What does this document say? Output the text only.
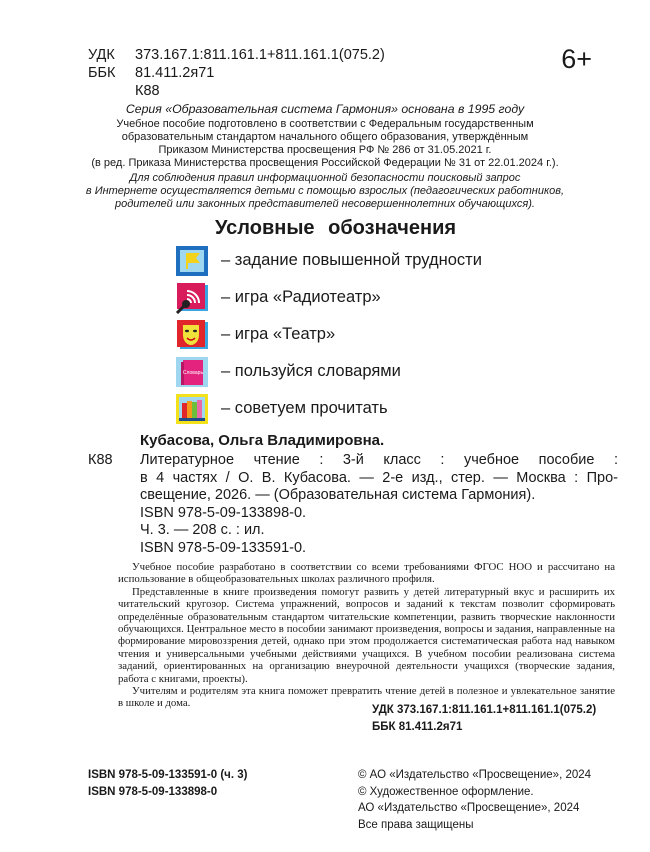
УДК	373.167.1:811.161.1+811.161.1(075.2)
ББК	81.411.2я71
К88
6+
Серия «Образовательная система Гармония» основана в 1995 году
Учебное пособие подготовлено в соответствии с Федеральным государственным
образовательным стандартом начального общего образования, утверждённым
Приказом Министерства просвещения РФ № 286 от 31.05.2021 г.
(в ред. Приказа Министерства просвещения Российской Федерации № 31 от 22.01.2024 г.).
Для соблюдения правил информационной безопасности поисковый запрос
в Интернете осуществляется детьми с помощью взрослых (педагогических работников,
родителей или законных представителей несовершеннолетних обучающихся).
Условные обозначения
– задание повышенной трудности
– игра «Радиотеатр»
– игра «Театр»
Словарь – пользуйся словарями
– советуем прочитать
Кубасова, Ольга Владимировна.
К88	Литературное чтение : 3-й класс : учебное пособие :
в 4 частях / О. В. Кубасова. — 2-е изд., стер. — Москва : Про-
свещение, 2026. — (Образовательная система Гармония).
ISBN 978-5-09-133898-0.
Ч. 3. — 208 с. : ил.
ISBN 978-5-09-133591-0.

Учебное пособие разработано в соответствии со всеми требованиями ФГОС НОО и рассчитано на использование в общеобразовательных школах различного профиля.

Представленные в книге произведения помогут развить у детей литературный вкус и расширить их читательский кругозор. Система упражнений, вопросов и заданий к текстам позволит сформировать определённые образовательным стандартом читательские компетенции, развить творческие наклонности обучающихся. Центральное место в пособии занимают произведения, вопросы и задания, направленные на формирование мировоззрения детей, однако при этом продолжается систематическая работа над навыком чтения и универсальными учебными действиями учащихся. В учебном пособии реализована система заданий, ориентированных на организацию внеурочной деятельности учащихся (творческие задания, работа с книгами, проекты).

Учителям и родителям эта книга поможет превратить чтение детей в полезное и увлекательное занятие в школе и дома.

УДК 373.167.1:811.161.1+811.161.1(075.2)
ББК 81.411.2я71
ISBN 978-5-09-133591-0 (ч. 3)
ISBN 978-5-09-133898-0
© АО «Издательство «Просвещение», 2024
© Художественное оформление.
АО «Издательство «Просвещение», 2024
Все права защищены
